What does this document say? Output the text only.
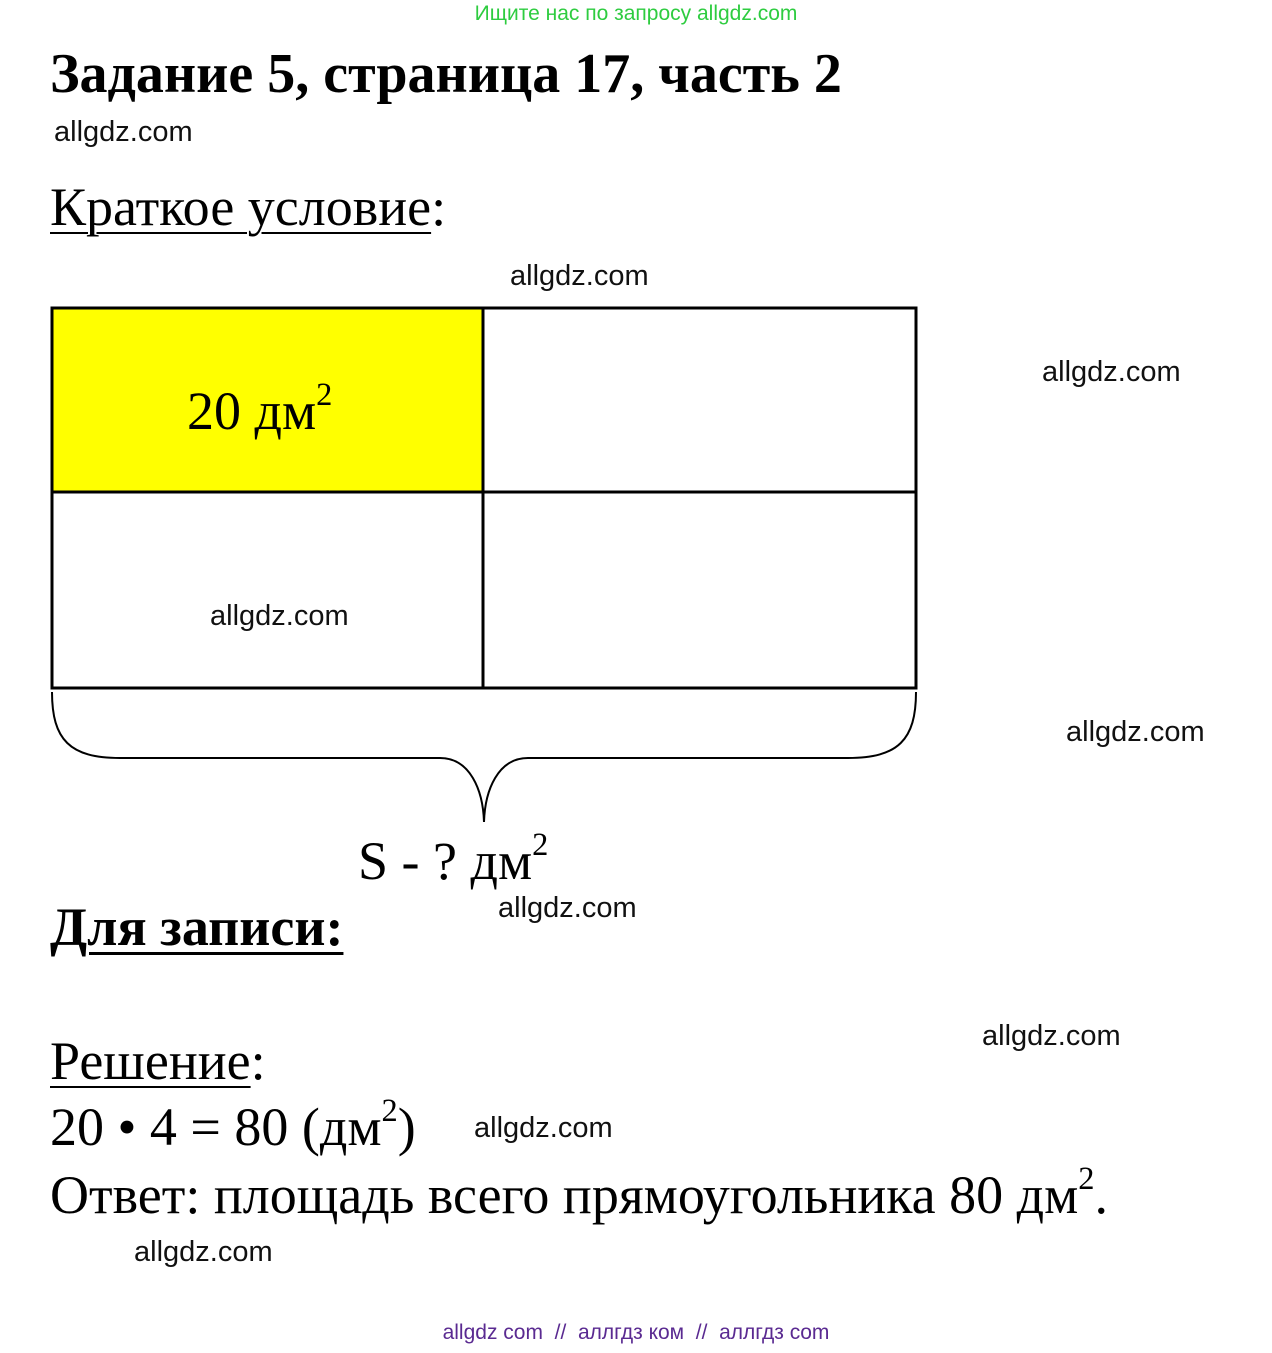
Ищите нас по запросу allgdz.com
Задание 5, страница 17, часть 2
allgdz.com
Краткое условие:
allgdz.com
20 $дм^2$
allgdz.com
allgdz.com
allgdz.com
S - ? $дм^2$
allgdz.com
Для записи:
allgdz.com
Решение:
20 • 4 = 80 $(дм^2)$ allgdz.com
Ответ: площадь всего прямоугольника 80 $дм^2$.
allgdz.com
allgdz com  //  аллгдз ком  //  аллгдз com
